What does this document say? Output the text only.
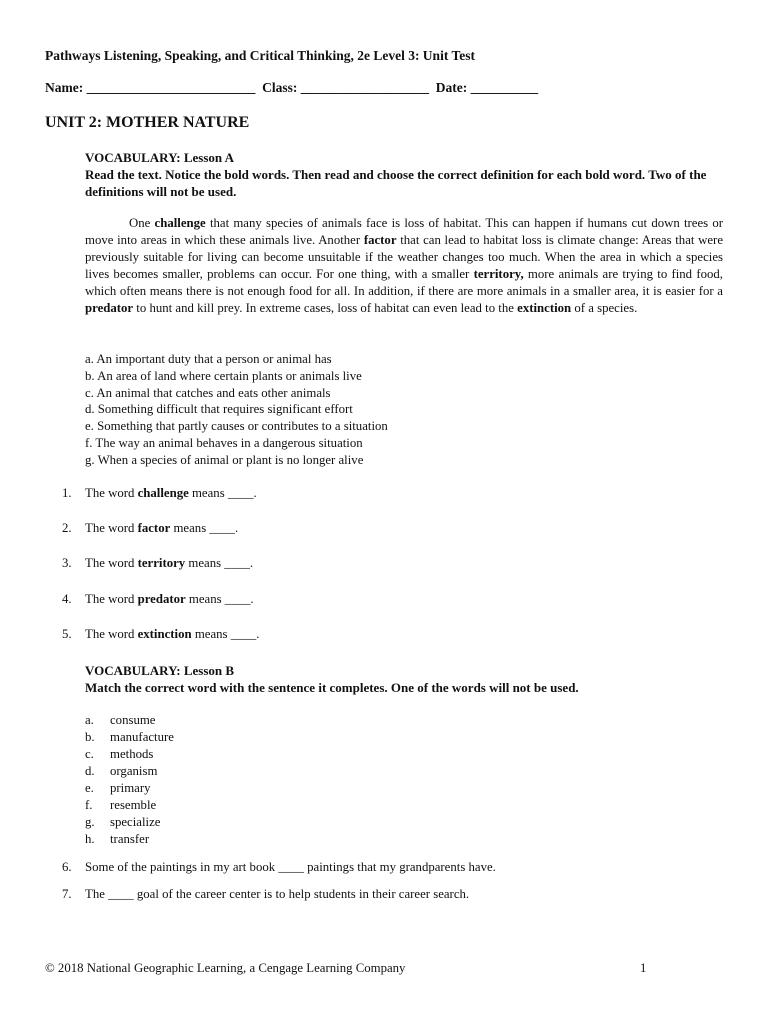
Pathways Listening, Speaking, and Critical Thinking, 2e Level 3: Unit Test
Name: _________________________  Class: ___________________  Date: __________
UNIT 2: MOTHER NATURE
VOCABULARY: Lesson A
Read the text. Notice the bold words. Then read and choose the correct definition for each bold word. Two of the definitions will not be used.
One challenge that many species of animals face is loss of habitat. This can happen if humans cut down trees or move into areas in which these animals live. Another factor that can lead to habitat loss is climate change: Areas that were previously suitable for living can become unsuitable if the weather changes too much. When the area in which a species lives becomes smaller, problems can occur. For one thing, with a smaller territory, more animals are trying to find food, which often means there is not enough food for all. In addition, if there are more animals in a smaller area, it is easier for a predator to hunt and kill prey. In extreme cases, loss of habitat can even lead to the extinction of a species.
a. An important duty that a person or animal has
b. An area of land where certain plants or animals live
c. An animal that catches and eats other animals
d. Something difficult that requires significant effort
e. Something that partly causes or contributes to a situation
f. The way an animal behaves in a dangerous situation
g. When a species of animal or plant is no longer alive
1. The word challenge means ____.
2. The word factor means ____.
3. The word territory means ____.
4. The word predator means ____.
5. The word extinction means ____.
VOCABULARY: Lesson B
Match the correct word with the sentence it completes. One of the words will not be used.
a. consume
b. manufacture
c. methods
d. organism
e. primary
f. resemble
g. specialize
h. transfer
6. Some of the paintings in my art book ____ paintings that my grandparents have.
7. The ____ goal of the career center is to help students in their career search.
© 2018 National Geographic Learning, a Cengage Learning Company	1
